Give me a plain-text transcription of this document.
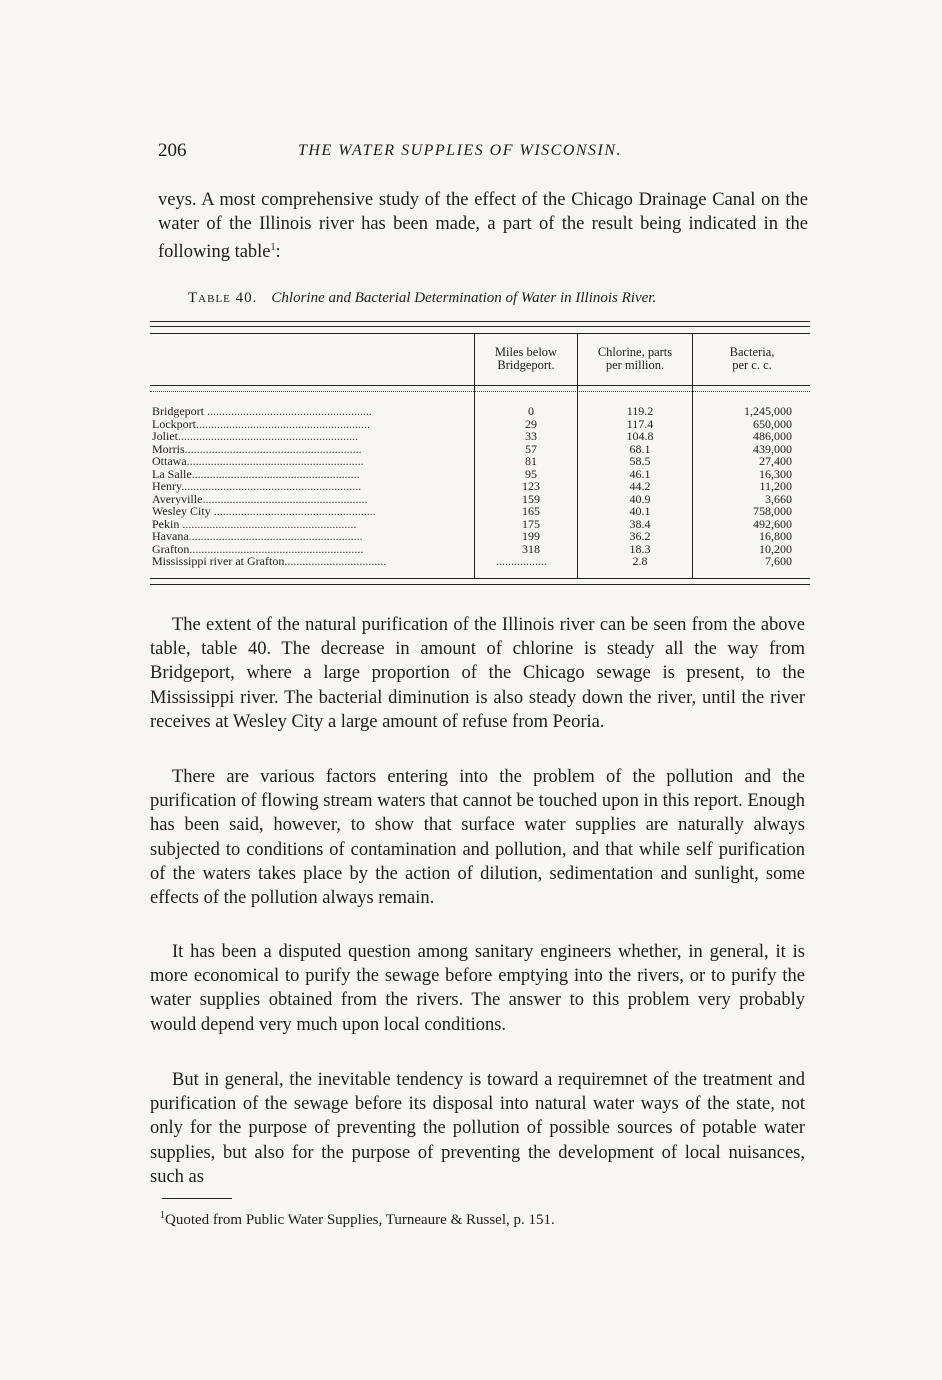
206	THE WATER SUPPLIES OF WISCONSIN.

veys. A most comprehensive study of the effect of the Chicago Drainage Canal on the water of the Illinois river has been made, a part of the result being indicated in the following table$^1$:

Table 40. Chlorine and Bacterial Determination of Water in Illinois River.
Miles below
Bridgeport.
Chlorine, parts
per million.
Bacteria,
per c. c.
Bridgeport .......................................................
Lockport..........................................................
Joliet............................................................
Morris...........................................................
Ottawa...........................................................
La Salle........................................................
Henry............................................................
Averyville.......................................................
Wesley City ......................................................
Pekin ..........................................................
Havana..........................................................
Grafton..........................................................
Mississippi river at Grafton..................................
0
29
33
57
81
95
123
159
165
175
199
318
.................
119.2
117.4
104.8
68.1
58.5
46.1
44.2
40.9
40.1
38.4
36.2
18.3
2.8
1,245,000
650,000
486,000
439,000
27,400
16,300
11,200
3,660
758,000
492,600
16,800
10,200
7,600

The extent of the natural purification of the Illinois river can be seen from the above table, table 40. The decrease in amount of chlorine is steady all the way from Bridgeport, where a large proportion of the Chicago sewage is present, to the Mississippi river. The bacterial diminution is also steady down the river, until the river receives at Wesley City a large amount of refuse from Peoria.

There are various factors entering into the problem of the pollution and the purification of flowing stream waters that cannot be touched upon in this report. Enough has been said, however, to show that surface water supplies are naturally always subjected to conditions of contamination and pollution, and that while self purification of the waters takes place by the action of dilution, sedimentation and sunlight, some effects of the pollution always remain.

It has been a disputed question among sanitary engineers whether, in general, it is more economical to purify the sewage before emptying into the rivers, or to purify the water supplies obtained from the rivers. The answer to this problem very probably would depend very much upon local conditions.

But in general, the inevitable tendency is toward a requiremnet of the treatment and purification of the sewage before its disposal into natural water ways of the state, not only for the purpose of preventing the pollution of possible sources of potable water supplies, but also for the purpose of preventing the development of local nuisances, such as

$^1$Quoted from Public Water Supplies, Turneaure & Russel, p. 151.
